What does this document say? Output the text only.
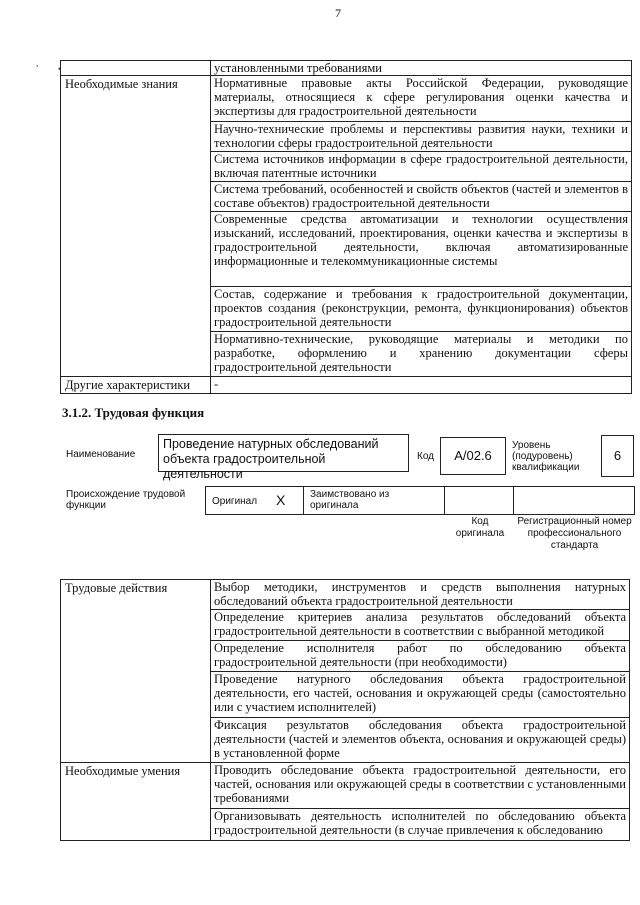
7
,
•
		установленными требованиями
Необходимые знания	Нормативные правовые акты Российской Федерации, руководящие материалы, относящиеся к сфере регулирования оценки качества и экспертизы для градостроительной деятельности
	Научно-технические проблемы и перспективы развития науки, техники и технологии сферы градостроительной деятельности
	Система источников информации в сфере градостроительной деятельности, включая патентные источники
	Система требований, особенностей и свойств объектов (частей и элементов в составе объектов) градостроительной деятельности
	Современные средства автоматизации и технологии осуществления изысканий, исследований, проектирования, оценки качества и экспертизы в градостроительной деятельности, включая автоматизированные информационные и телекоммуникационные системы
	Состав, содержание и требования к градостроительной документации, проектов создания (реконструкции, ремонта, функционирования) объектов градостроительной деятельности
	Нормативно-технические, руководящие материалы и методики по разработке, оформлению и хранению документации сферы градостроительной деятельности
Другие характеристики	-
3.1.2. Трудовая функция
Наименование
Проведение натурных обследований объекта градостроительной деятельности
Код	А/02.6
Уровень (подуровень) квалификации
6
Происхождение трудовой функции	Оригинал Х Заимствовано из оригинала
Код оригинала
Регистрационный номер профессионального стандарта
Трудовые действия	Выбор методики, инструментов и средств выполнения натурных обследований объекта градостроительной деятельности
	Определение критериев анализа результатов обследований объекта градостроительной деятельности в соответствии с выбранной методикой
	Определение исполнителя работ по обследованию объекта градостроительной деятельности (при необходимости)
	Проведение натурного обследования объекта градостроительной деятельности, его частей, основания и окружающей среды (самостоятельно или с участием исполнителей)
	Фиксация результатов обследования объекта градостроительной деятельности (частей и элементов объекта, основания и окружающей среды) в установленной форме
Необходимые умения	Проводить обследование объекта градостроительной деятельности, его частей, основания или окружающей среды в соответствии с установленными требованиями
	Организовывать деятельность исполнителей по обследованию объекта градостроительной деятельности (в случае привлечения к обследованию
